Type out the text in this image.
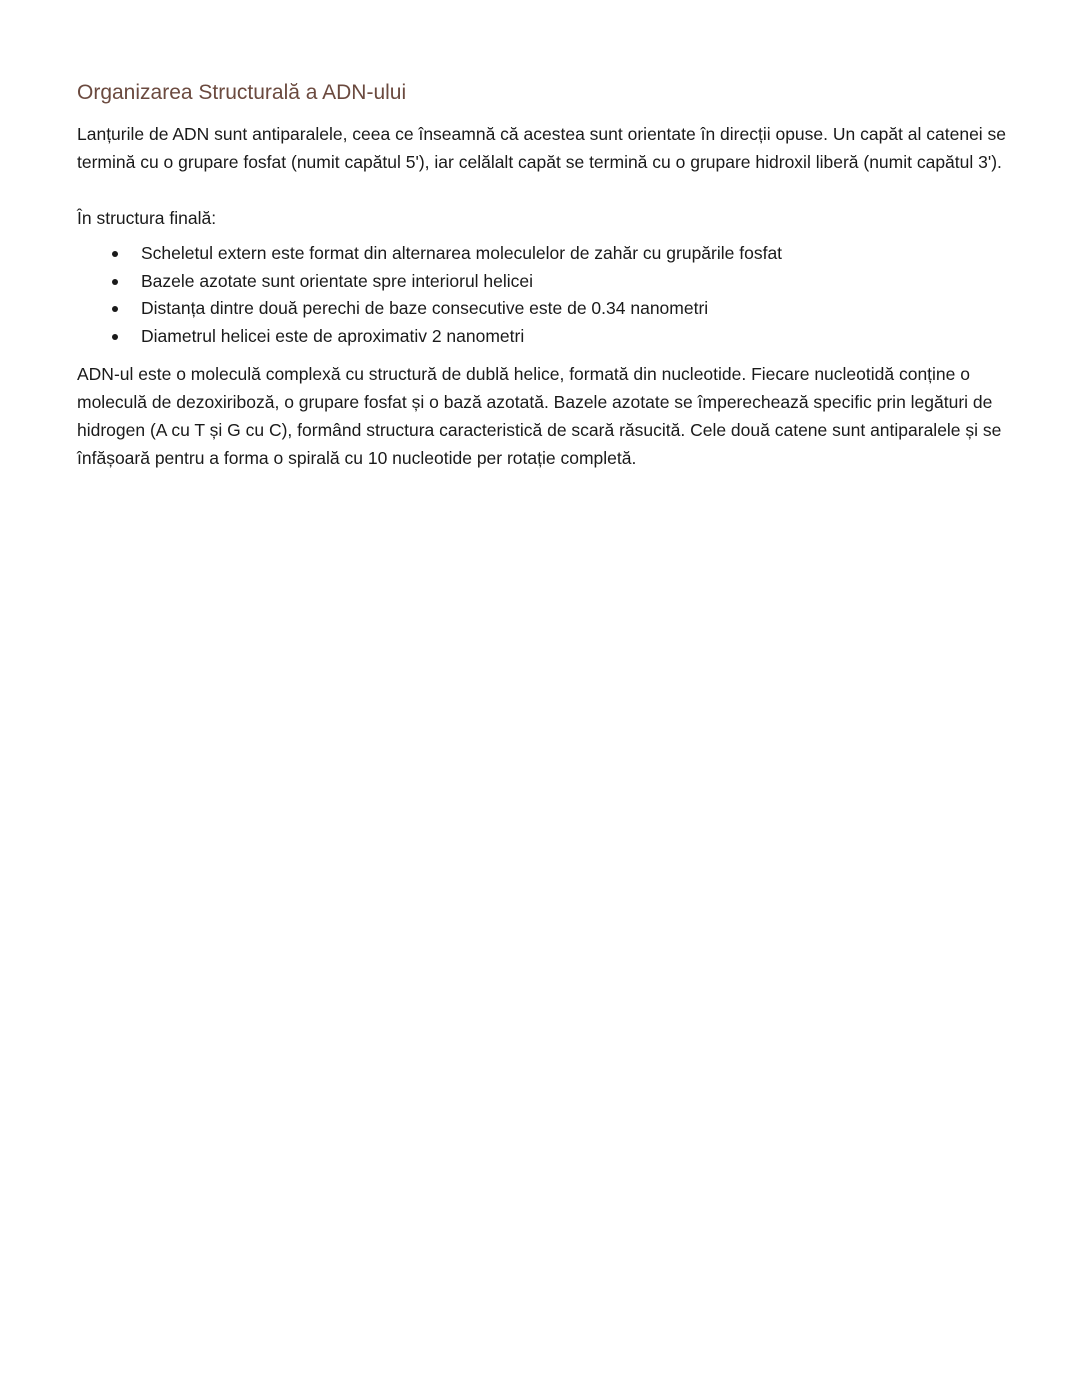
Organizarea Structurală a ADN-ului

Lanțurile de ADN sunt antiparalele, ceea ce înseamnă că acestea sunt orientate în direcții opuse. Un capăt al catenei se termină cu o grupare fosfat (numit capătul 5'), iar celălalt capăt se termină cu o grupare hidroxil liberă (numit capătul 3').

În structura finală:

Scheletul extern este format din alternarea moleculelor de zahăr cu grupările fosfat
Bazele azotate sunt orientate spre interiorul helicei
Distanța dintre două perechi de baze consecutive este de 0.34 nanometri
Diametrul helicei este de aproximativ 2 nanometri

ADN-ul este o moleculă complexă cu structură de dublă helice, formată din nucleotide. Fiecare nucleotidă conține o moleculă de dezoxiriboză, o grupare fosfat și o bază azotată. Bazele azotate se împerechează specific prin legături de hidrogen (A cu T și G cu C), formând structura caracteristică de scară răsucită. Cele două catene sunt antiparalele și se înfășoară pentru a forma o spirală cu 10 nucleotide per rotație completă.
